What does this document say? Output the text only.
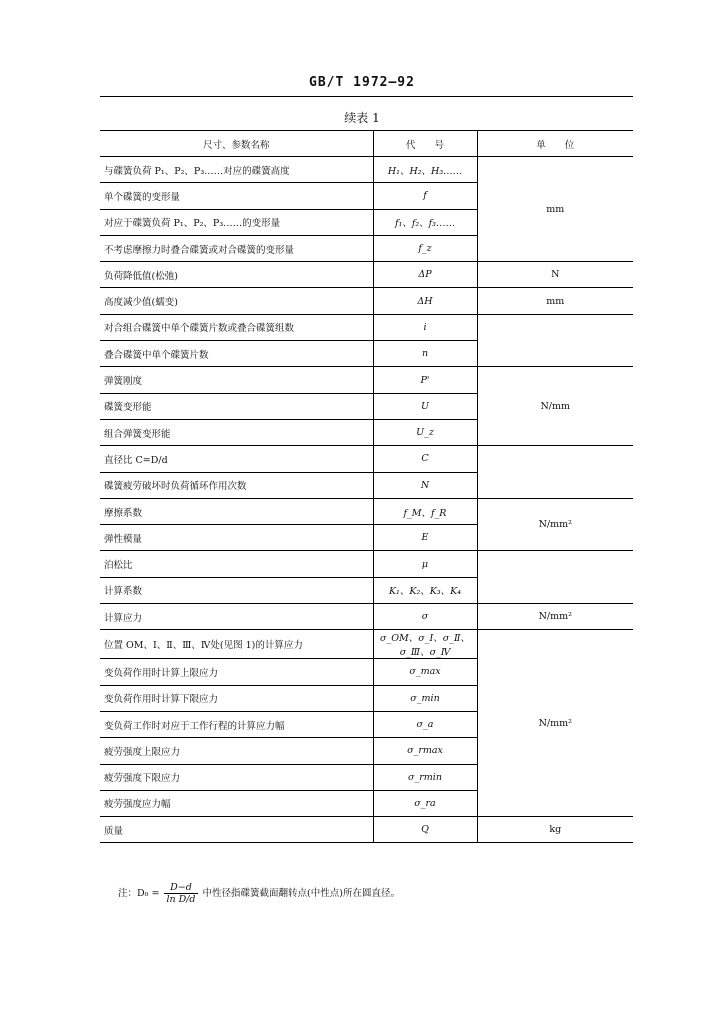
GB/T 1972—92
续表 1
尺寸、参数名称	代　　号	单　　位
与碟簧负荷 P₁、P₂、P₃……对应的碟簧高度	H₁、H₂、H₃……	mm
单个碟簧的变形量	f	
对应于碟簧负荷 P₁、P₂、P₃……的变形量	f₁、f₂、f₃……	
不考虑摩擦力时叠合碟簧或对合碟簧的变形量	f_z	
负荷降低值(松弛)	ΔP	N
高度减少值(蠕变)	ΔH	mm
对合组合碟簧中单个碟簧片数或叠合碟簧组数	i	
叠合碟簧中单个碟簧片数	n	
弹簧刚度	P'	N/mm
碟簧变形能	U	
组合弹簧变形能	U_z	
直径比 C=D/d	C	
碟簧疲劳破坏时负荷循环作用次数	N	
摩擦系数	f_M、f_R	N/mm²
弹性模量	E	
泊松比	μ	
计算系数	K₁、K₂、K₃、K₄	
计算应力	σ	N/mm²
位置 OM、Ⅰ、Ⅱ、Ⅲ、Ⅳ处(见图 1)的计算应力	σ_OM、σ_Ⅰ、σ_Ⅱ、σ_Ⅲ、σ_Ⅳ	N/mm²
变负荷作用时计算上限应力	σ_max	
变负荷作用时计算下限应力	σ_min	
变负荷工作时对应于工作行程的计算应力幅	σ_a	
疲劳强度上限应力	σ_rmax	
疲劳强度下限应力	σ_rmin	
疲劳强度应力幅	σ_ra	
质量	Q	kg
注：$D_0 = \frac{D-d}{\text{ln D/d}}$ 中性径指碟簧截面翻转点(中性点)所在圆直径。
